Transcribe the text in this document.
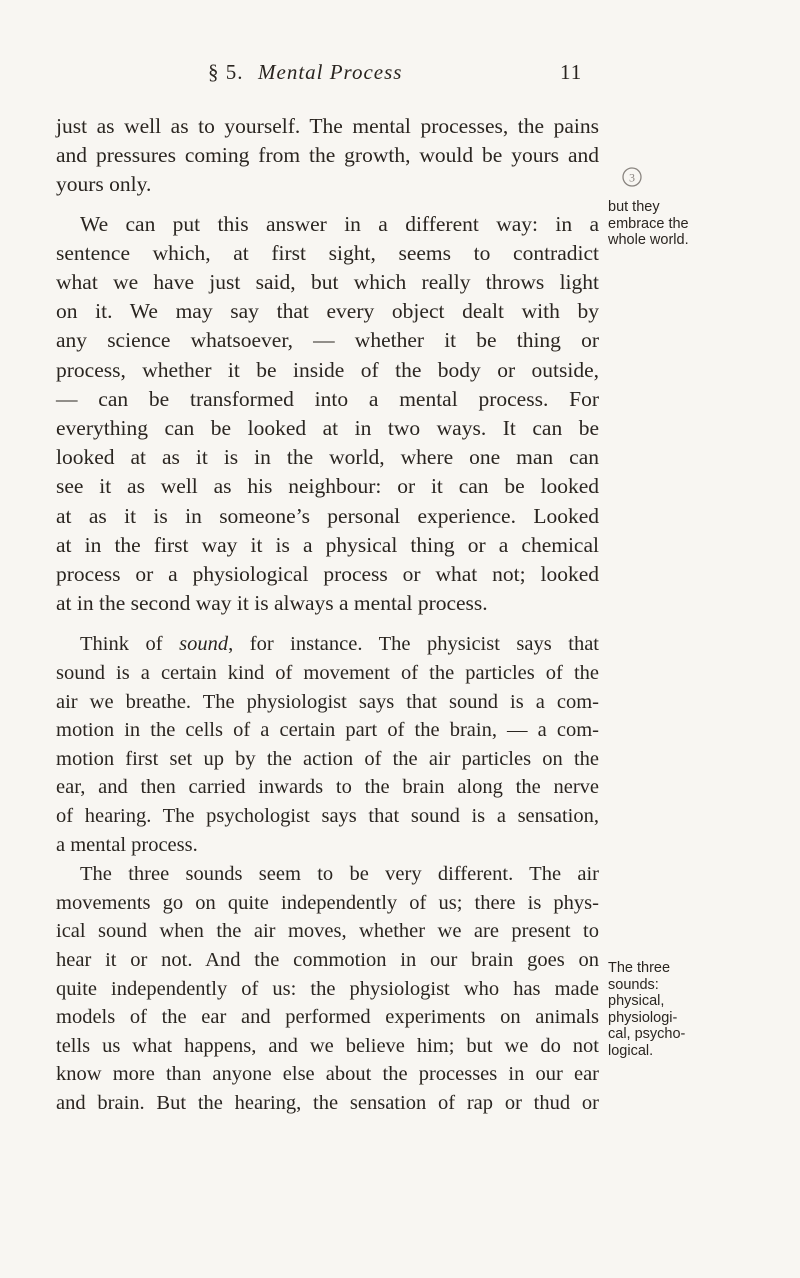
§ 5. Mental Process	11

just as well as to yourself. The mental processes, the pains
and pressures coming from the growth, would be yours and
yours only.

We can put this answer in a different way: in a
sentence which, at first sight, seems to contradict
what we have just said, but which really throws light
on it. We may say that every object dealt with by
any science whatsoever, — whether it be thing or
process, whether it be inside of the body or outside,
— can be transformed into a mental process. For
everything can be looked at in two ways. It can be
looked at as it is in the world, where one man can
see it as well as his neighbour: or it can be looked
at as it is in someone’s personal experience. Looked
at in the first way it is a physical thing or a chemical
process or a physiological process or what not; looked
at in the second way it is always a mental process.

Think of sound, for instance. The physicist says that
sound is a certain kind of movement of the particles of the
air we breathe. The physiologist says that sound is a com-
motion in the cells of a certain part of the brain, — a com-
motion first set up by the action of the air particles on the
ear, and then carried inwards to the brain along the nerve
of hearing. The psychologist says that sound is a sensation,
a mental process.

The three sounds seem to be very different. The air
movements go on quite independently of us; there is phys-
ical sound when the air moves, whether we are present to
hear it or not. And the commotion in our brain goes on
quite independently of us: the physiologist who has made
models of the ear and performed experiments on animals
tells us what happens, and we believe him; but we do not
know more than anyone else about the processes in our ear
and brain. But the hearing, the sensation of rap or thud or

3
but they
embrace the
whole world.
The three
sounds:
physical,
physiologi-
cal, psycho-
logical.
